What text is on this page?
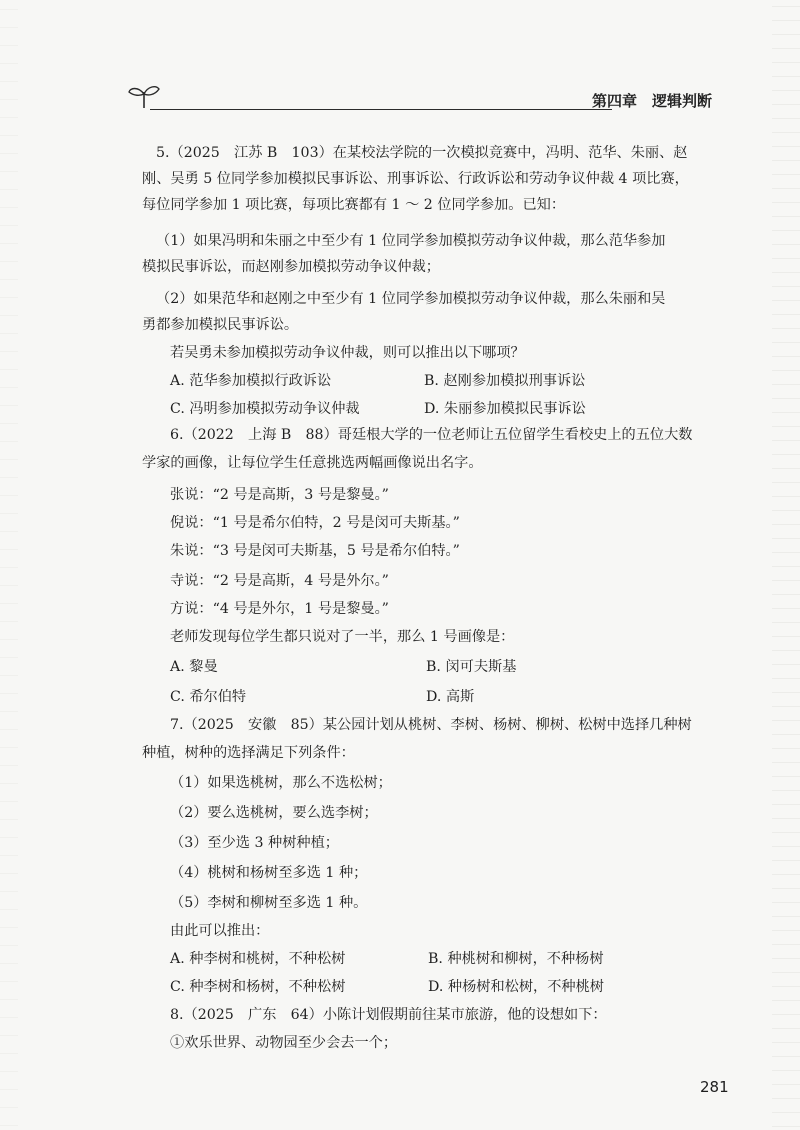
第四章　逻辑判断
5.（2025　江苏 B　103）在某校法学院的一次模拟竞赛中，冯明、范华、朱丽、赵
刚、吴勇 5 位同学参加模拟民事诉讼、刑事诉讼、行政诉讼和劳动争议仲裁 4 项比赛，
每位同学参加 1 项比赛，每项比赛都有 1 ～ 2 位同学参加。已知：
（1）如果冯明和朱丽之中至少有 1 位同学参加模拟劳动争议仲裁，那么范华参加
模拟民事诉讼，而赵刚参加模拟劳动争议仲裁；
（2）如果范华和赵刚之中至少有 1 位同学参加模拟劳动争议仲裁，那么朱丽和吴
勇都参加模拟民事诉讼。
若吴勇未参加模拟劳动争议仲裁，则可以推出以下哪项？
A. 范华参加模拟行政诉讼	B. 赵刚参加模拟刑事诉讼
C. 冯明参加模拟劳动争议仲裁	D. 朱丽参加模拟民事诉讼
6.（2022　上海 B　88）哥廷根大学的一位老师让五位留学生看校史上的五位大数
学家的画像，让每位学生任意挑选两幅画像说出名字。
张说：“2 号是高斯，3 号是黎曼。”
倪说：“1 号是希尔伯特，2 号是闵可夫斯基。”
朱说：“3 号是闵可夫斯基，5 号是希尔伯特。”
寺说：“2 号是高斯，4 号是外尔。”
方说：“4 号是外尔，1 号是黎曼。”
老师发现每位学生都只说对了一半，那么 1 号画像是：
A. 黎曼	B. 闵可夫斯基
C. 希尔伯特	D. 高斯
7.（2025　安徽　85）某公园计划从桃树、李树、杨树、柳树、松树中选择几种树
种植，树种的选择满足下列条件：
（1）如果选桃树，那么不选松树；
（2）要么选桃树，要么选李树；
（3）至少选 3 种树种植；
（4）桃树和杨树至多选 1 种；
（5）李树和柳树至多选 1 种。
由此可以推出：
A. 种李树和桃树，不种松树	B. 种桃树和柳树，不种杨树
C. 种李树和杨树，不种松树	D. 种杨树和松树，不种桃树
8.（2025　广东　64）小陈计划假期前往某市旅游，他的设想如下：
①欢乐世界、动物园至少会去一个；
281
